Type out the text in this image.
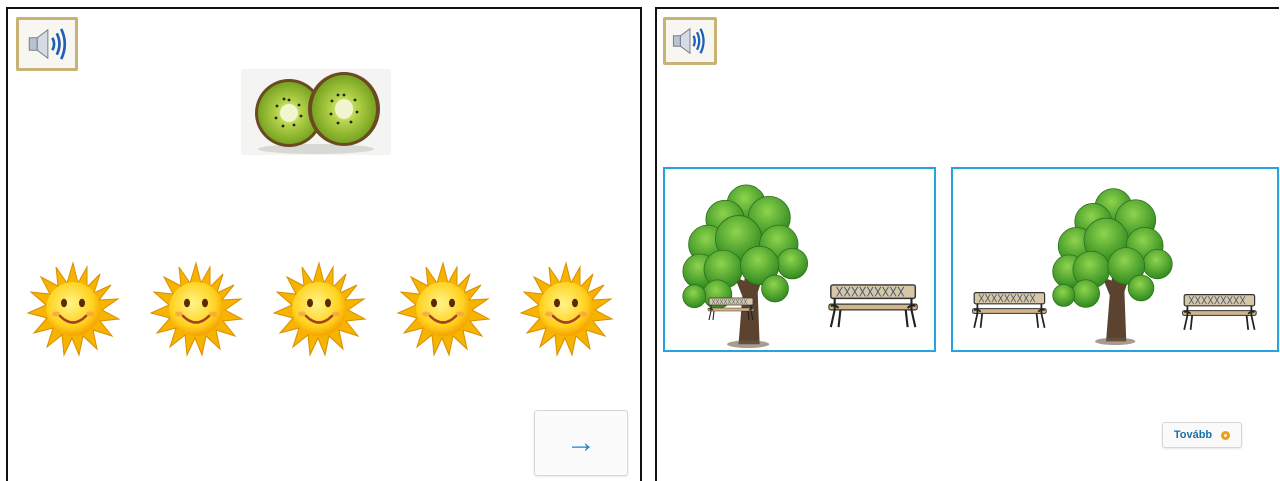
→	Tovább
